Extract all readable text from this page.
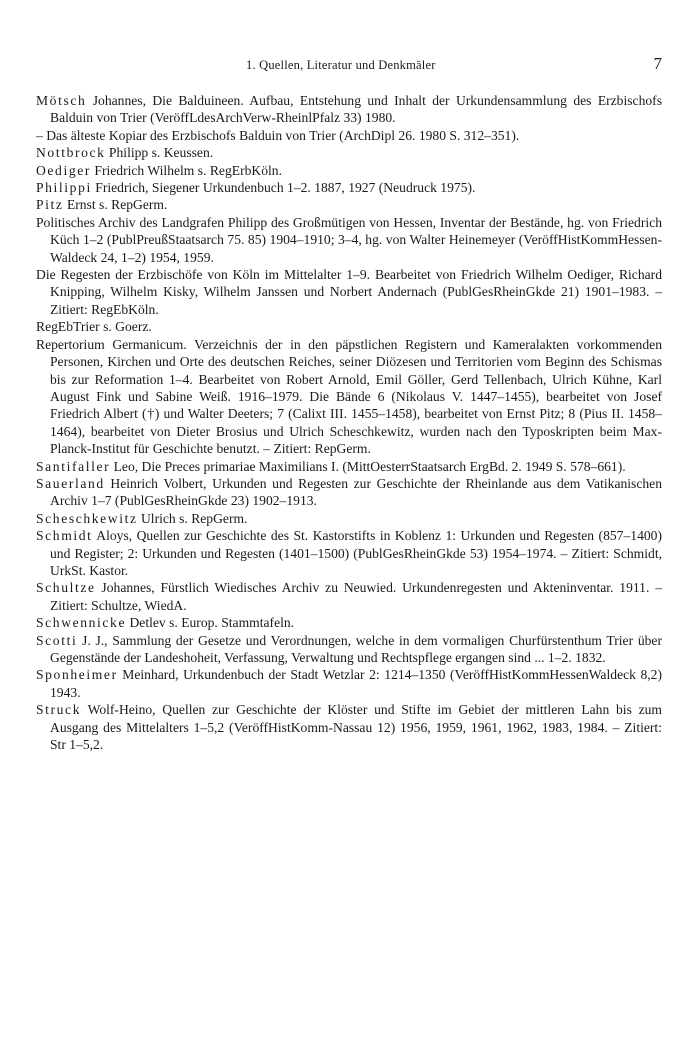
1. Quellen, Literatur und Denkmäler	7

Mötsch Johannes, Die Balduineen. Aufbau, Entstehung und Inhalt der Urkundensammlung des Erzbischofs Balduin von Trier (VeröffLdesArchVerw-RheinlPfalz 33) 1980.

– Das älteste Kopiar des Erzbischofs Balduin von Trier (ArchDipl 26. 1980 S. 312–351).

Nottbrock Philipp s. Keussen.

Oediger Friedrich Wilhelm s. RegErbKöln.

Philippi Friedrich, Siegener Urkundenbuch 1–2. 1887, 1927 (Neudruck 1975).

Pitz Ernst s. RepGerm.

Politisches Archiv des Landgrafen Philipp des Großmütigen von Hessen, Inventar der Bestände, hg. von Friedrich Küch 1–2 (PublPreußStaatsarch 75. 85) 1904–1910; 3–4, hg. von Walter Heinemeyer (VeröffHistKommHessen-Waldeck 24, 1–2) 1954, 1959.

Die Regesten der Erzbischöfe von Köln im Mittelalter 1–9. Bearbeitet von Friedrich Wilhelm Oediger, Richard Knipping, Wilhelm Kisky, Wilhelm Janssen und Norbert Andernach (PublGesRheinGkde 21) 1901–1983. – Zitiert: RegEbKöln.

RegEbTrier s. Goerz.

Repertorium Germanicum. Verzeichnis der in den päpstlichen Registern und Kameralakten vorkommenden Personen, Kirchen und Orte des deutschen Reiches, seiner Diözesen und Territorien vom Beginn des Schismas bis zur Reformation 1–4. Bearbeitet von Robert Arnold, Emil Göller, Gerd Tellenbach, Ulrich Kühne, Karl August Fink und Sabine Weiß. 1916–1979. Die Bände 6 (Nikolaus V. 1447–1455), bearbeitet von Josef Friedrich Albert (†) und Walter Deeters; 7 (Calixt III. 1455–1458), bearbeitet von Ernst Pitz; 8 (Pius II. 1458–1464), bearbeitet von Dieter Brosius und Ulrich Scheschkewitz, wurden nach den Typoskripten beim Max-Planck-Institut für Geschichte benutzt. – Zitiert: RepGerm.

Santifaller Leo, Die Preces primariae Maximilians I. (MittOesterrStaatsarch ErgBd. 2. 1949 S. 578–661).

Sauerland Heinrich Volbert, Urkunden und Regesten zur Geschichte der Rheinlande aus dem Vatikanischen Archiv 1–7 (PublGesRheinGkde 23) 1902–1913.

Scheschkewitz Ulrich s. RepGerm.

Schmidt Aloys, Quellen zur Geschichte des St. Kastorstifts in Koblenz 1: Urkunden und Regesten (857–1400) und Register; 2: Urkunden und Regesten (1401–1500) (PublGesRheinGkde 53) 1954–1974. – Zitiert: Schmidt, UrkSt. Kastor.

Schultze Johannes, Fürstlich Wiedisches Archiv zu Neuwied. Urkundenregesten und Akteninventar. 1911. – Zitiert: Schultze, WiedA.

Schwennicke Detlev s. Europ. Stammtafeln.

Scotti J. J., Sammlung der Gesetze und Verordnungen, welche in dem vormaligen Churfürstenthum Trier über Gegenstände der Landeshoheit, Verfassung, Verwaltung und Rechtspflege ergangen sind ... 1–2. 1832.

Sponheimer Meinhard, Urkundenbuch der Stadt Wetzlar 2: 1214–1350 (VeröffHistKommHessenWaldeck 8,2) 1943.

Struck Wolf-Heino, Quellen zur Geschichte der Klöster und Stifte im Gebiet der mittleren Lahn bis zum Ausgang des Mittelalters 1–5,2 (VeröffHistKomm-Nassau 12) 1956, 1959, 1961, 1962, 1983, 1984. – Zitiert: Str 1–5,2.
